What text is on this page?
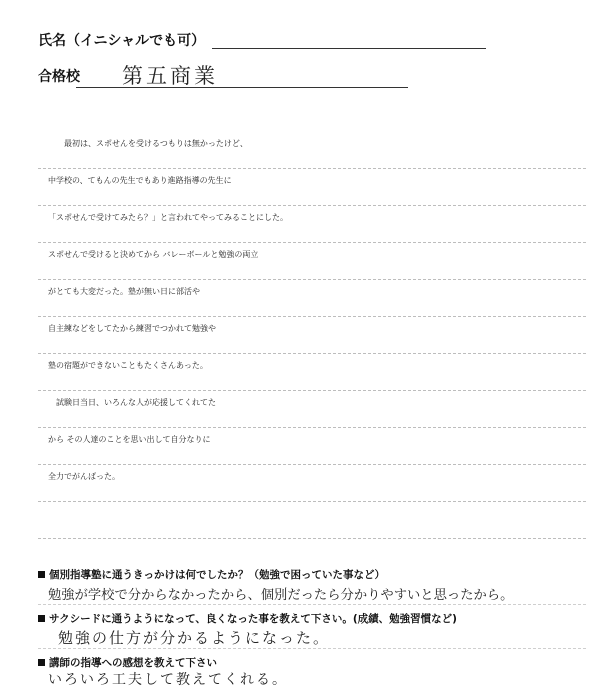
氏名（イニシャルでも可）
合格校 第五商業
　　最初は、スポせんを受けるつもりは無かったけど、
中学校の、てもんの先生でもあり進路指導の先生に
「スポせんで受けてみたら？」と言われてやってみることにした。
スポせんで受けると決めてから バレーボールと勉強の両立
がとても大変だった。塾が無い日に部活や
自主練などをしてたから練習でつかれて勉強や
塾の宿題ができないこともたくさんあった。
　試験日当日、いろんな人が応援してくれてた
から その人達のことを思い出して自分なりに
全力でがんばった。
個別指導塾に通うきっかけは何でしたか？（勉強で困っていた事など）
勉強が学校で分からなかったから、個別だったら分かりやすいと思ったから。
サクシードに通うようになって、良くなった事を教えて下さい。(成績、勉強習慣など)
勉強の仕方が分かるようになった。
講師の指導への感想を教えて下さい
いろいろ工夫して教えてくれる。
